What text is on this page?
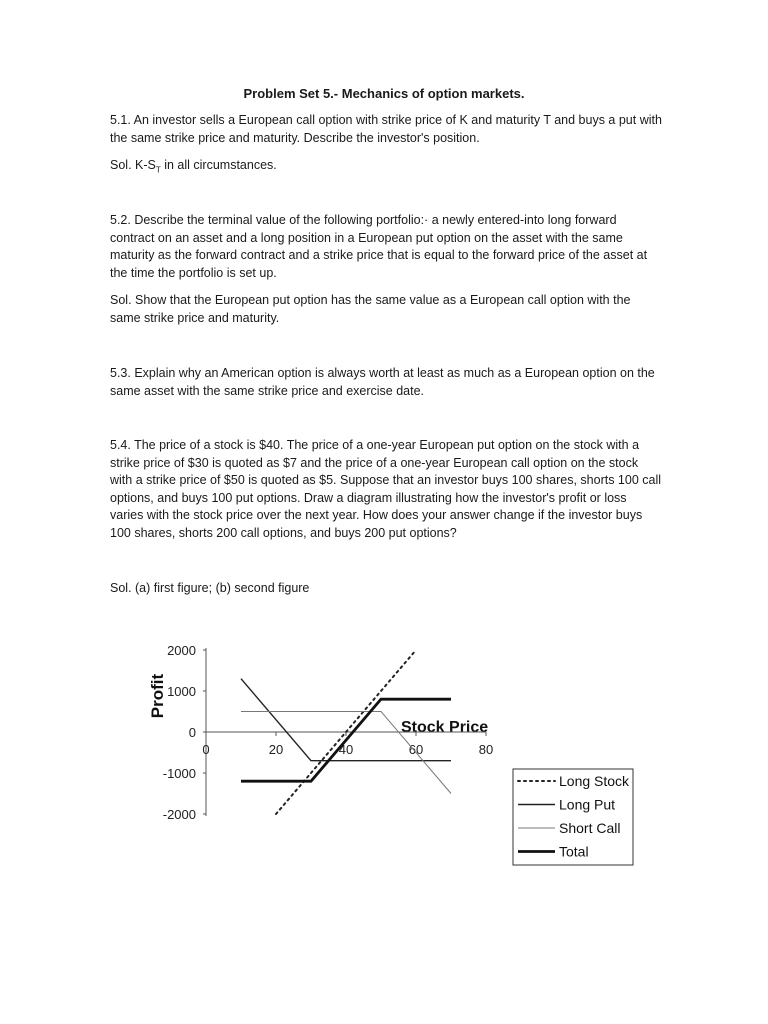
Problem Set 5.- Mechanics of option markets.

5.1. An investor sells a European call option with strike price of K and maturity T and buys a put with the same strike price and maturity. Describe the investor's position.

Sol. $K-S_T$ in all circumstances.

5.2. Describe the terminal value of the following portfolio:· a newly entered-into long forward contract on an asset and a long position in a European put option on the asset with the same maturity as the forward contract and a strike price that is equal to the forward price of the asset at the time the portfolio is set up.

Sol. Show that the European put option has the same value as a European call option with the same strike price and maturity.

5.3. Explain why an American option is always worth at least as much as a European option on the same asset with the same strike price and exercise date.

5.4. The price of a stock is $40. The price of a one-year European put option on the stock with a strike price of $30 is quoted as $7 and the price of a one-year European call option on the stock with a strike price of $50 is quoted as $5. Suppose that an investor buys 100 shares, shorts 100 call options, and buys 100 put options. Draw a diagram illustrating how the investor's profit or loss varies with the stock price over the next year. How does your answer change if the investor buys 100 shares, shorts 200 call options, and buys 200 put options?

Sol. (a) first figure; (b) second figure

Profit
Stock Price
2000
1000
0
-1000
-2000
0	20	40	60	80
Long Stock
Long Put
Short Call
Total
